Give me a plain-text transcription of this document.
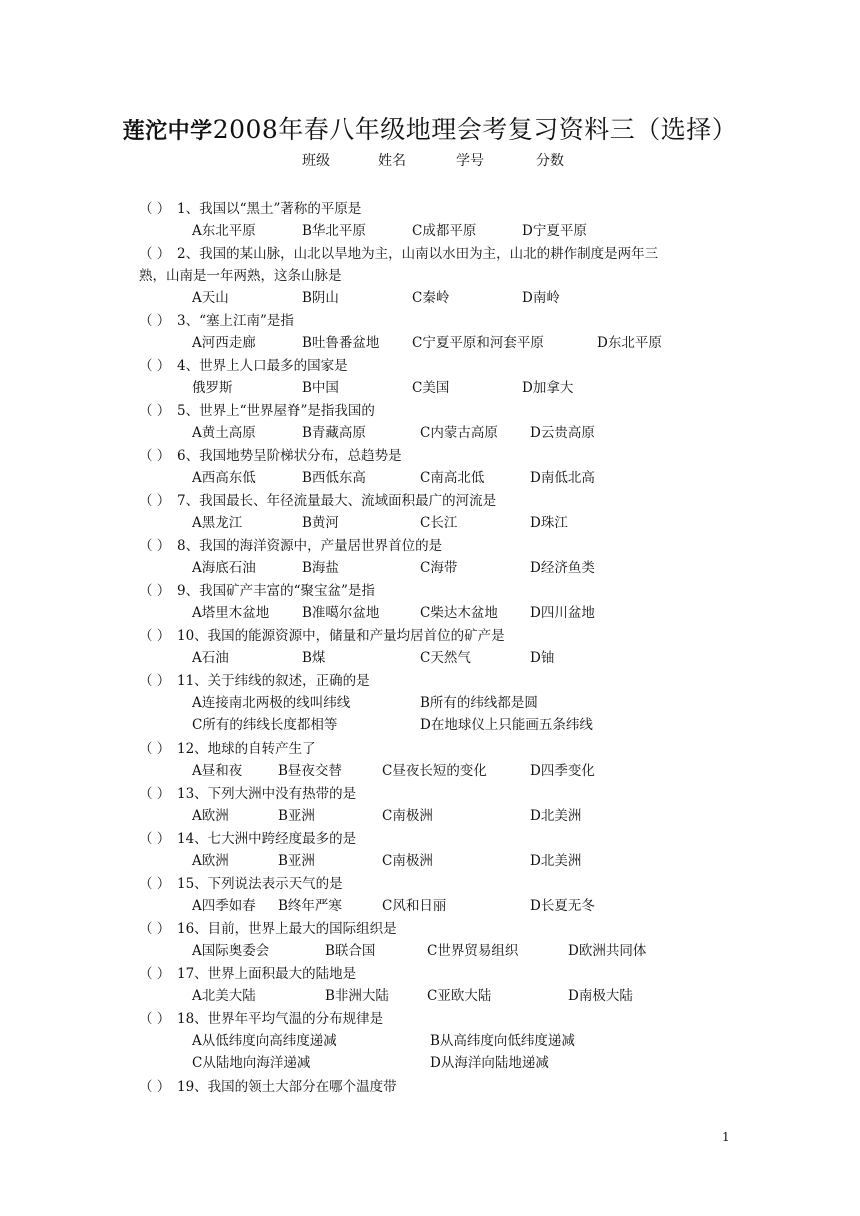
莲沱中学2008年春八年级地理会考复习资料三（选择）
班级	姓名	学号	分数
（ ） 1、我国以“黑土”著称的平原是
A东北平原	B华北平原	C成都平原	D宁夏平原
（ ） 2、我国的某山脉，山北以旱地为主，山南以水田为主，山北的耕作制度是两年三
熟，山南是一年两熟，这条山脉是
A天山	B阴山	C秦岭	D南岭
（ ） 3、“塞上江南”是指
A河西走廊	B吐鲁番盆地 C宁夏平原和河套平原	D东北平原
（ ） 4、世界上人口最多的国家是
俄罗斯	B中国	C美国	D加拿大
（ ） 5、世界上“世界屋脊”是指我国的
A黄土高原	B青藏高原	C内蒙古高原 D云贵高原
（ ） 6、我国地势呈阶梯状分布，总趋势是
A西高东低	B西低东高	C南高北低	D南低北高
（ ） 7、我国最长、年径流量最大、流域面积最广的河流是
A黑龙江	B黄河	C长江	D珠江
（ ） 8、我国的海洋资源中，产量居世界首位的是
A海底石油	B海盐	C海带	D经济鱼类
（ ） 9、我国矿产丰富的“聚宝盆”是指
A塔里木盆地 B准噶尔盆地	C柴达木盆地 D四川盆地
（ ） 10、我国的能源资源中，储量和产量均居首位的矿产是
A石油	B煤	C天然气	D铀
（ ） 11、关于纬线的叙述，正确的是
A连接南北两极的线叫纬线	B所有的纬线都是圆
C所有的纬线长度都相等	D在地球仪上只能画五条纬线
（ ） 12、地球的自转产生了
A昼和夜	B昼夜交替	C昼夜长短的变化	D四季变化
（ ） 13、下列大洲中没有热带的是
A欧洲	B亚洲	C南极洲	D北美洲
（ ） 14、七大洲中跨经度最多的是
A欧洲	B亚洲	C南极洲	D北美洲
（ ） 15、下列说法表示天气的是
A四季如春 B终年严寒	C风和日丽	D长夏无冬
（ ） 16、目前，世界上最大的国际组织是
A国际奥委会	B联合国	C世界贸易组织	D欧洲共同体
（ ） 17、世界上面积最大的陆地是
A北美大陆	B非洲大陆	C亚欧大陆	D南极大陆
（ ） 18、世界年平均气温的分布规律是
A从低纬度向高纬度递减	B从高纬度向低纬度递减
C从陆地向海洋递减	D从海洋向陆地递减
（ ） 19、我国的领土大部分在哪个温度带
1
